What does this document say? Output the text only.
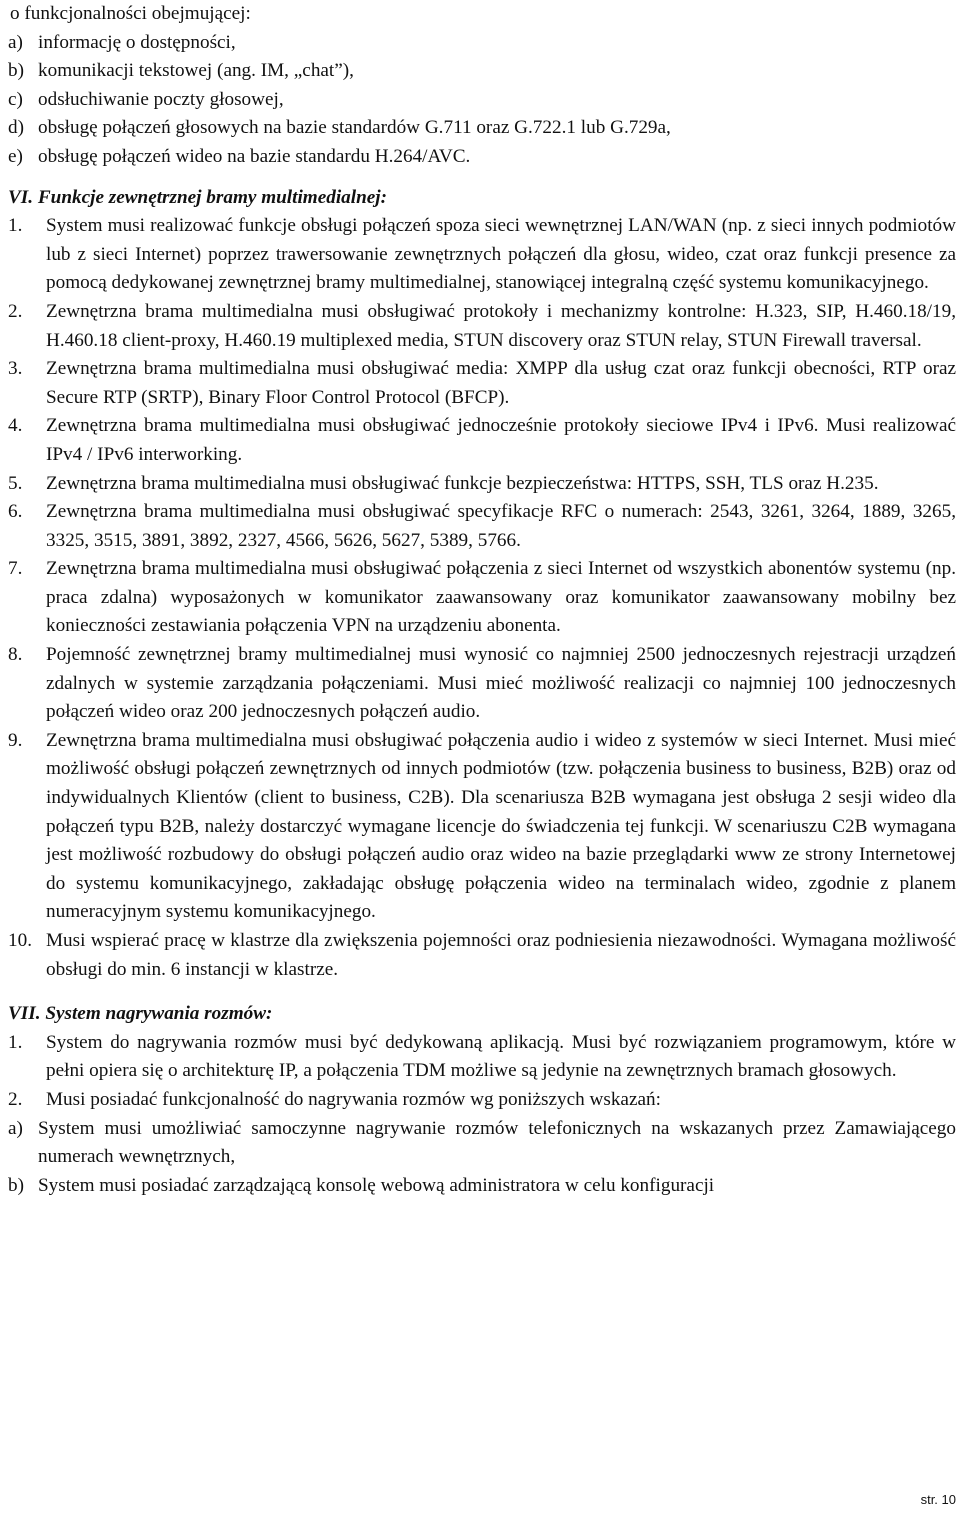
o funkcjonalności obejmującej:

a) informację o dostępności,
b) komunikacji tekstowej (ang. IM, „chat”),
c) odsłuchiwanie poczty głosowej,
d) obsługę połączeń głosowych na bazie standardów G.711 oraz G.722.1 lub G.729a,
e) obsługę połączeń wideo na bazie standardu H.264/AVC.

VI. Funkcje zewnętrznej bramy multimedialnej:

1.	System musi realizować funkcje obsługi połączeń spoza sieci wewnętrznej LAN/WAN (np. z sieci innych podmiotów lub z sieci Internet) poprzez trawersowanie zewnętrznych połączeń dla głosu, wideo, czat oraz funkcji presence za pomocą dedykowanej zewnętrznej bramy multimedialnej, stanowiącej integralną część systemu komunikacyjnego.
2.	Zewnętrzna brama multimedialna musi obsługiwać protokoły i mechanizmy kontrolne: H.323, SIP, H.460.18/19, H.460.18 client-proxy, H.460.19 multiplexed media, STUN discovery oraz STUN relay, STUN Firewall traversal.
3.	Zewnętrzna brama multimedialna musi obsługiwać media: XMPP dla usług czat oraz funkcji obecności, RTP oraz Secure RTP (SRTP), Binary Floor Control Protocol (BFCP).
4.	Zewnętrzna brama multimedialna musi obsługiwać jednocześnie protokoły sieciowe IPv4 i IPv6. Musi realizować IPv4 / IPv6 interworking.
5.	Zewnętrzna brama multimedialna musi obsługiwać funkcje bezpieczeństwa: HTTPS, SSH, TLS oraz H.235.
6.	Zewnętrzna brama multimedialna musi obsługiwać specyfikacje RFC o numerach: 2543, 3261, 3264, 1889, 3265, 3325, 3515, 3891, 3892, 2327, 4566, 5626, 5627, 5389, 5766.
7.	Zewnętrzna brama multimedialna musi obsługiwać połączenia z sieci Internet od wszystkich abonentów systemu (np. praca zdalna) wyposażonych w komunikator zaawansowany oraz komunikator zaawansowany mobilny bez konieczności zestawiania połączenia VPN na urządzeniu abonenta.
8.	Pojemność zewnętrznej bramy multimedialnej musi wynosić co najmniej 2500 jednoczesnych rejestracji urządzeń zdalnych w systemie zarządzania połączeniami. Musi mieć możliwość realizacji co najmniej 100 jednoczesnych połączeń wideo oraz 200 jednoczesnych połączeń audio.
9.	Zewnętrzna brama multimedialna musi obsługiwać połączenia audio i wideo z systemów w sieci Internet. Musi mieć możliwość obsługi połączeń zewnętrznych od innych podmiotów (tzw. połączenia business to business, B2B) oraz od indywidualnych Klientów (client to business, C2B). Dla scenariusza B2B wymagana jest obsługa 2 sesji wideo dla połączeń typu B2B, należy dostarczyć wymagane licencje do świadczenia tej funkcji. W scenariuszu C2B wymagana jest możliwość rozbudowy do obsługi połączeń audio oraz wideo na bazie przeglądarki www ze strony Internetowej do systemu komunikacyjnego, zakładając obsługę połączenia wideo na terminalach wideo, zgodnie z planem numeracyjnym systemu komunikacyjnego.
10. Musi wspierać pracę w klastrze dla zwiększenia pojemności oraz podniesienia niezawodności. Wymagana możliwość obsługi do min. 6 instancji w klastrze.

VII. System nagrywania rozmów:

1.	System do nagrywania rozmów musi być dedykowaną aplikacją. Musi być rozwiązaniem programowym, które w pełni opiera się o architekturę IP, a połączenia TDM możliwe są jedynie na zewnętrznych bramach głosowych.
2.	Musi posiadać funkcjonalność do nagrywania rozmów wg poniższych wskazań:
a) System musi umożliwiać samoczynne nagrywanie rozmów telefonicznych na wskazanych przez Zamawiającego numerach wewnętrznych,
b) System musi posiadać zarządzającą konsolę webową administratora w celu konfiguracji
str. 10
